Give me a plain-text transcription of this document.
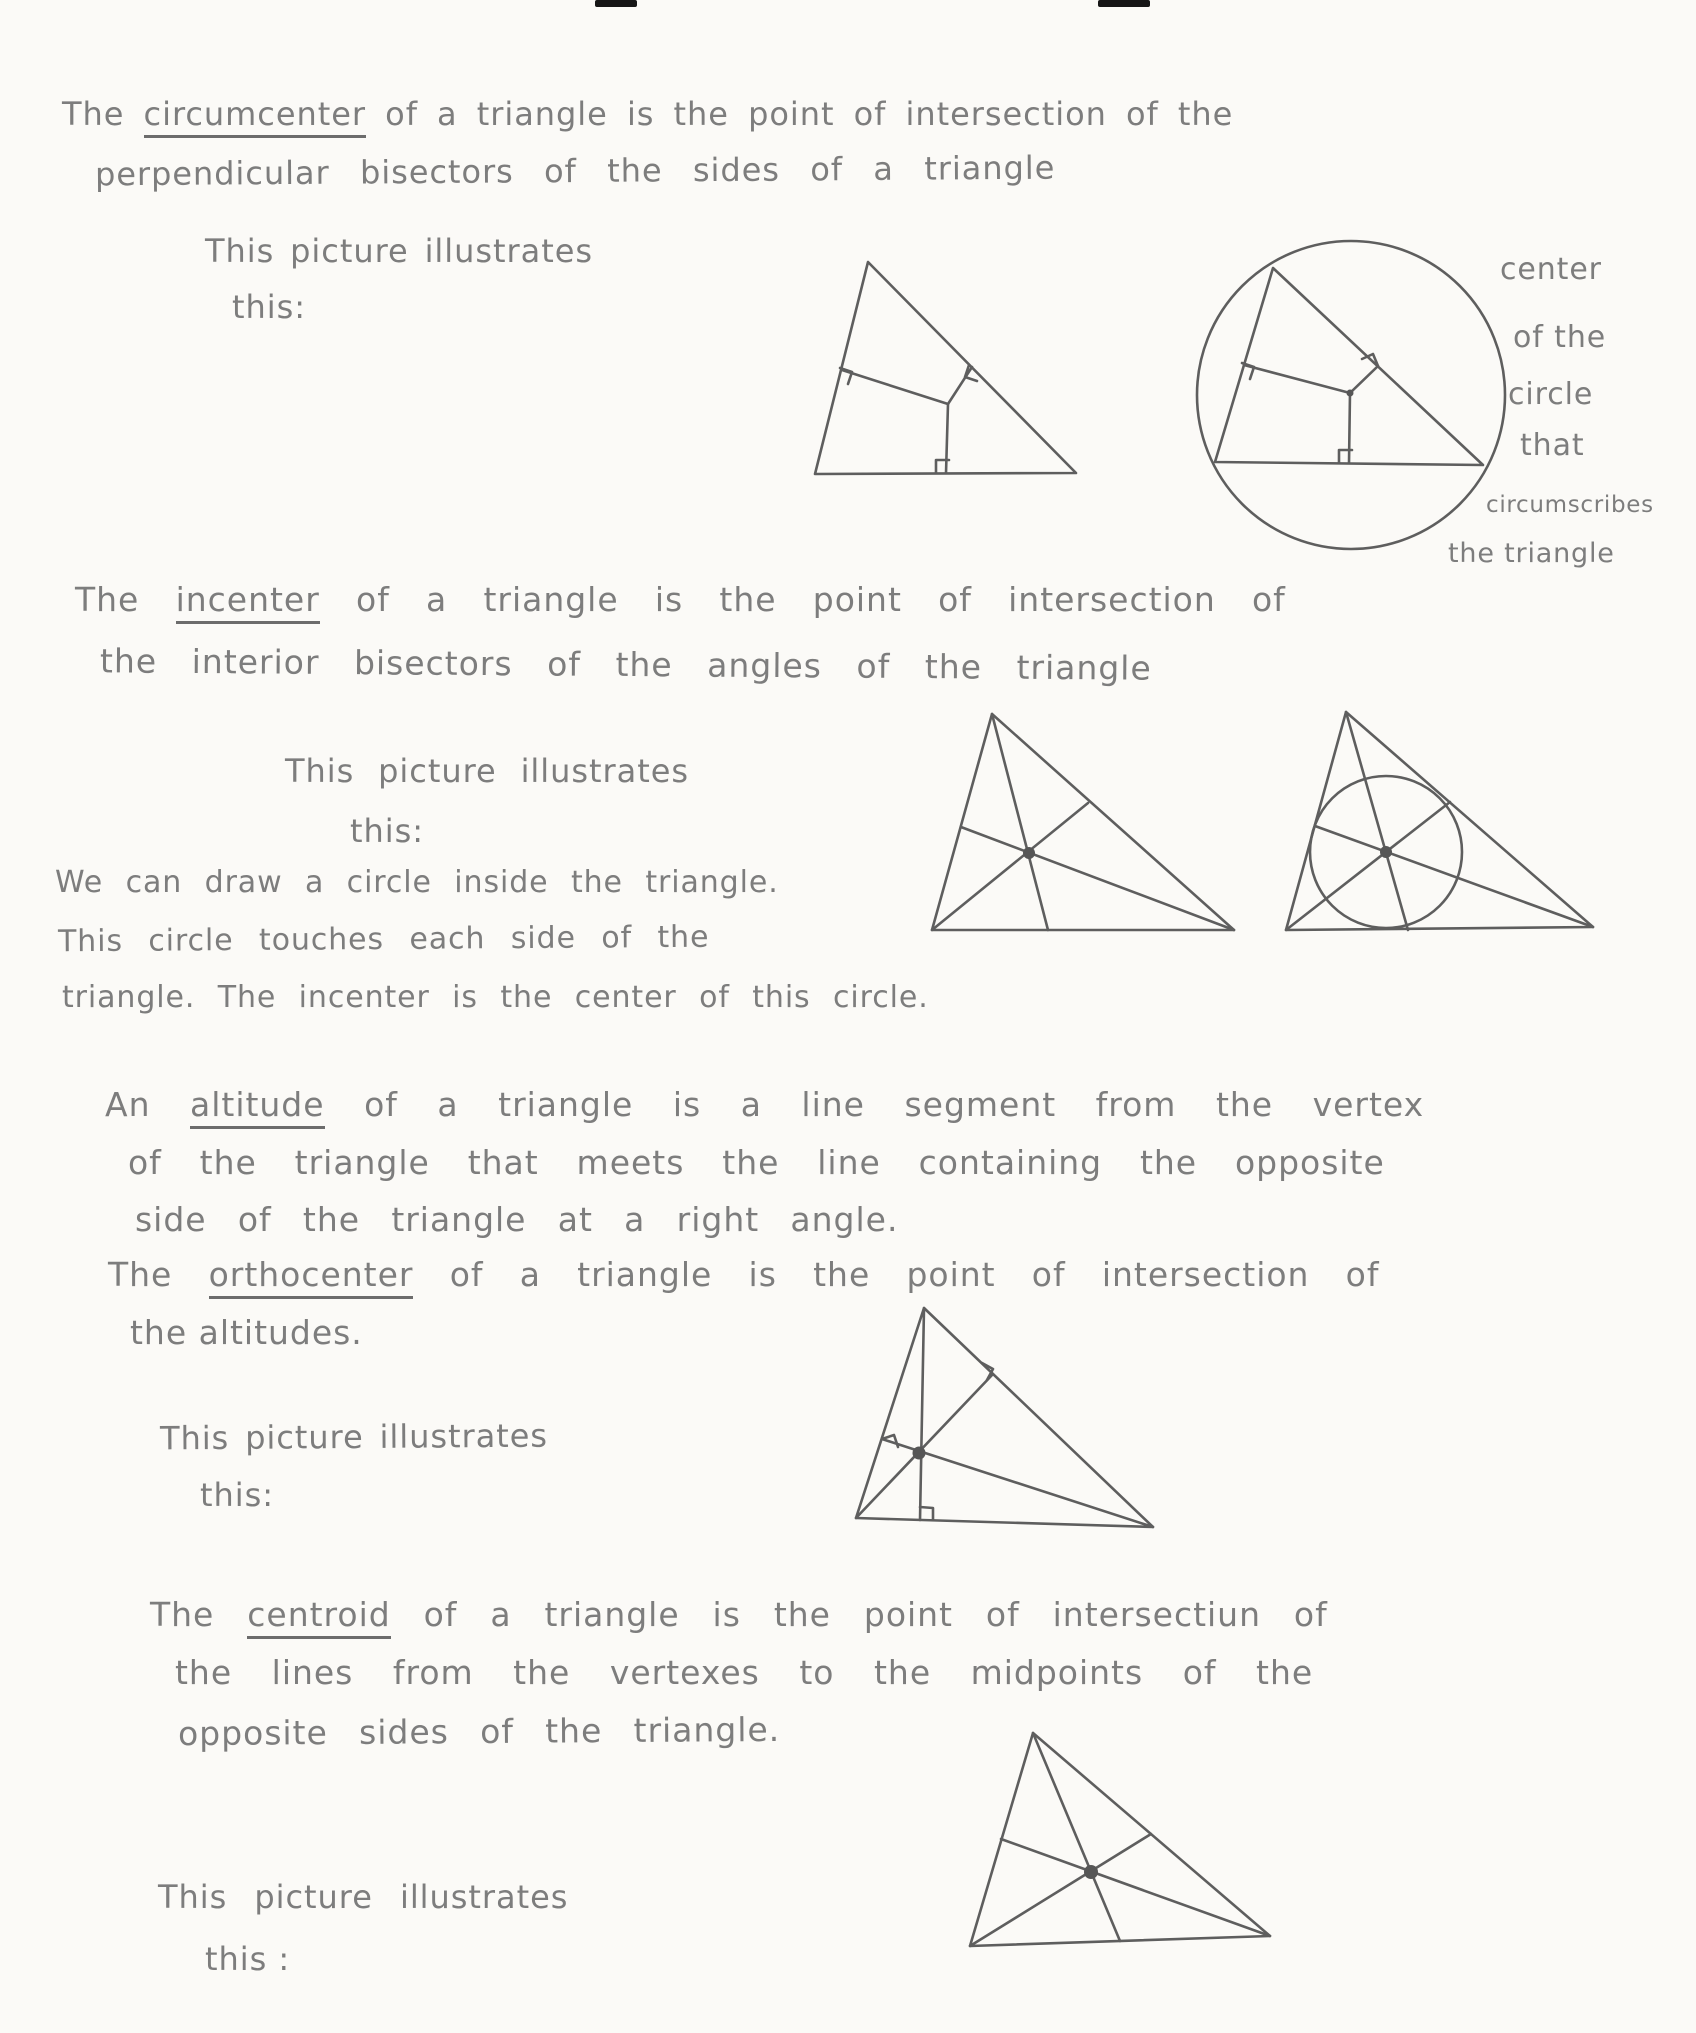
The circumcenter of a triangle is the point of intersection of the
perpendicular bisectors of the sides of a triangle
This picture illustrates
this:
center
of the
circle
that
circumscribes
the triangle
The incenter of a triangle is the point of intersection of
the interior bisectors of the angles of the triangle
This picture illustrates
this:
We can draw a circle inside the triangle.
This circle touches each side of the
triangle. The incenter is the center of this circle.
An altitude of a triangle is a line segment from the vertex
of the triangle that meets the line containing the opposite
side of the triangle at a right angle.
The orthocenter of a triangle is the point of intersection of
the altitudes.
This picture illustrates
this:
The centroid of a triangle is the point of intersectiun of
the lines from the vertexes to the midpoints of the
opposite sides of the triangle.
This picture illustrates
this :
